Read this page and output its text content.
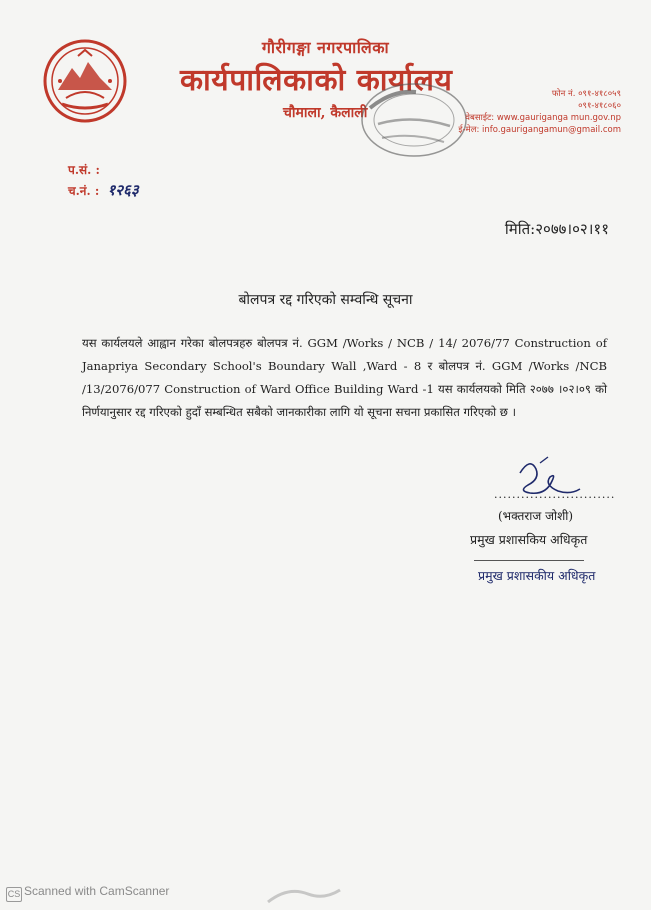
गौरीगङ्गा नगरपालिका
कार्यपालिकाको कार्यालय
चौमाला, कैलाली
फोन नं. ०९१-४१८०५९
०९१-४१८०६०
वेबसाईट: www.gauriganga mun.gov.np
ई-मेल: info.gaurigangamun@gmail.com
प.सं. :
च.नं. : १२६३
मिति:२०७७।०२।११
बोलपत्र रद्द गरिएको सम्वन्धि सूचना
यस कार्यलयले आह्वान गरेका बोलपत्रहरु बोलपत्र नं. GGM /Works / NCB / 14/ 2076/77 Construction of Janapriya Secondary School's Boundary Wall ,Ward - 8 र बोलपत्र नं. GGM /Works /NCB /13/2076/077 Construction of Ward Office Building Ward -1 यस कार्यलयको मिति २०७७ ।०२।०९ को निर्णयानुसार रद्द गरिएको हुदाँ सम्बन्धित सबैको जानकारीका लागि यो सूचना सचना प्रकासित गरिएको छ ।
...........................
(भक्तराज जोशी)
प्रमुख प्रशासकिय अधिकृत
प्रमुख प्रशासकीय अधिकृत
CS Scanned with CamScanner
